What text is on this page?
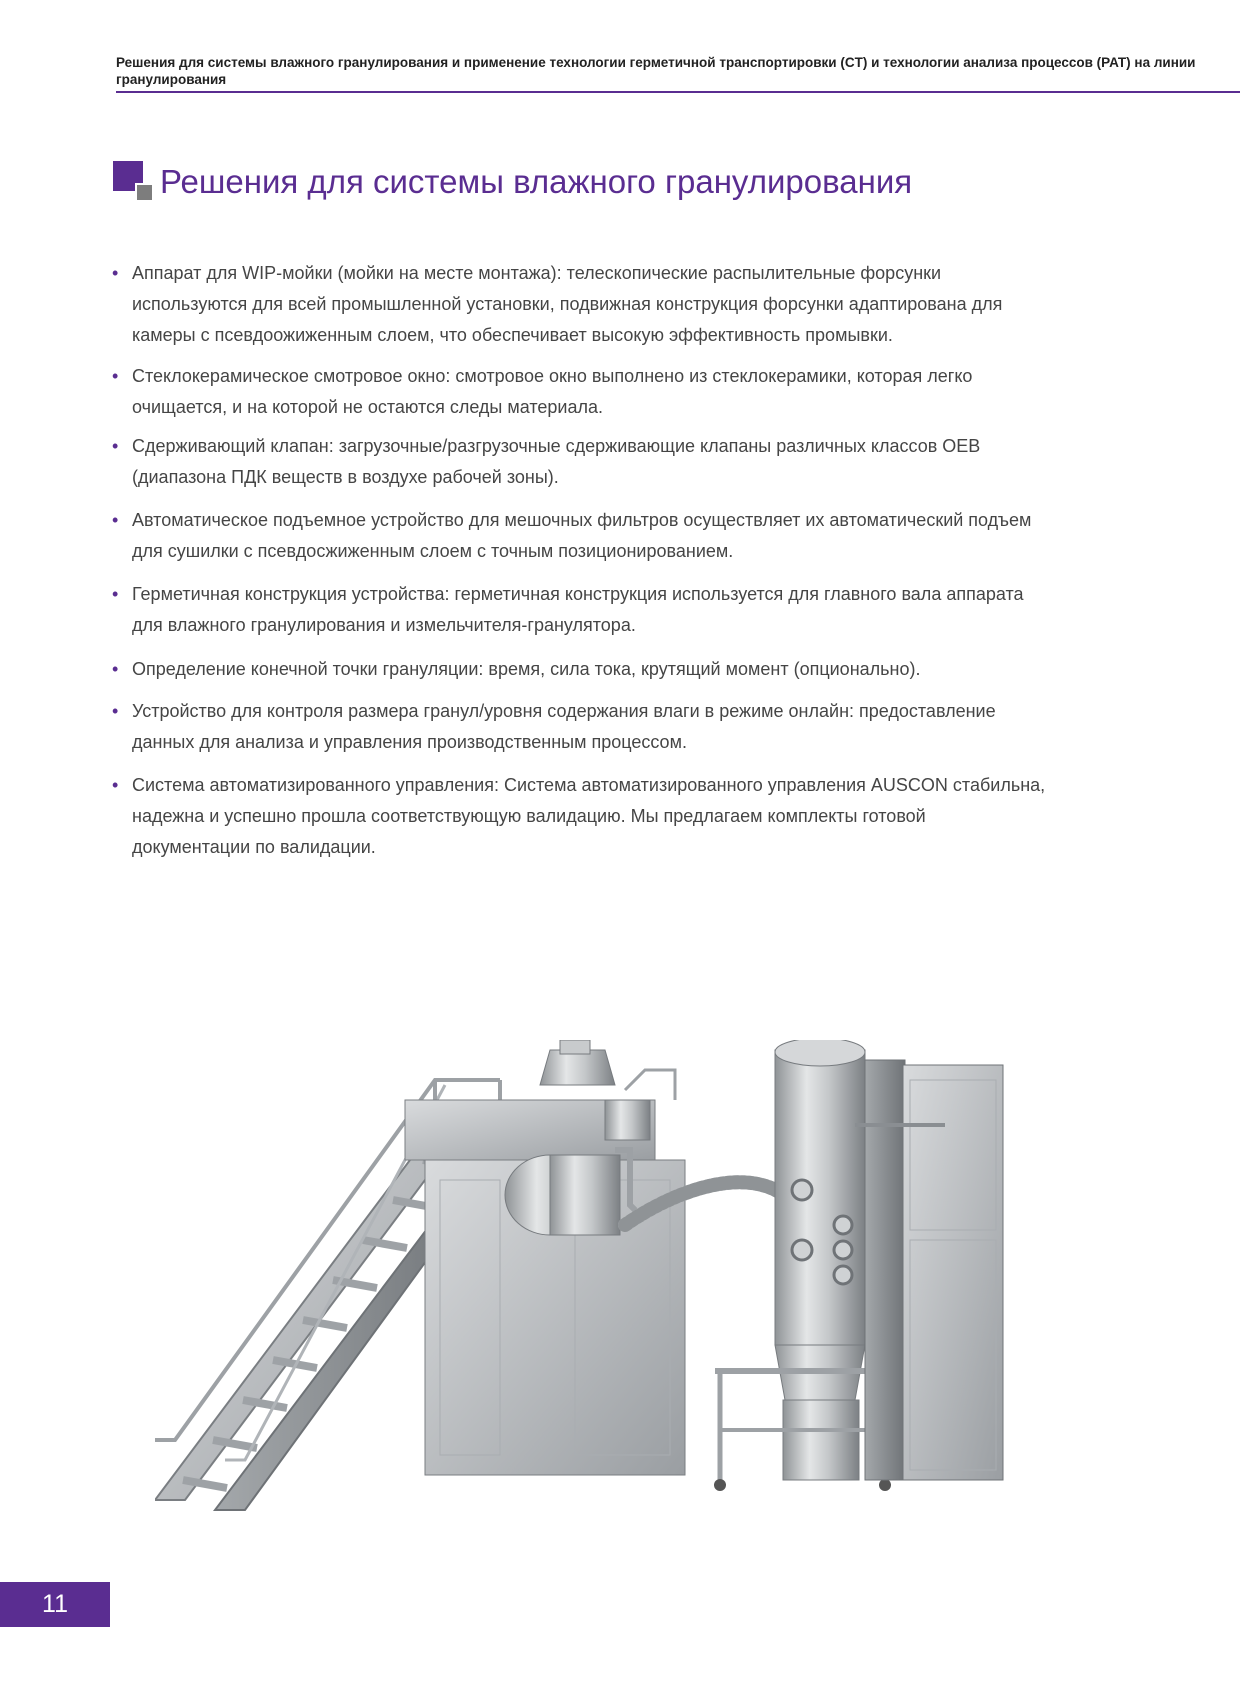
Решения для системы влажного гранулирования и применение технологии герметичной транспортировки (CT) и технологии анализа процессов (PAT) на линии
гранулирования
Решения для системы влажного гранулирования
• Аппарат для WIP-мойки (мойки на месте монтажа): телескопические распылительные форсунки
используются для всей промышленной установки, подвижная конструкция форсунки адаптирована для
камеры с псевдоожиженным слоем, что обеспечивает высокую эффективность промывки.
• Стеклокерамическое смотровое окно: смотровое окно выполнено из стеклокерамики, которая легко
очищается, и на которой не остаются следы материала.
• Сдерживающий клапан: загрузочные/разгрузочные сдерживающие клапаны различных классов OEB
(диапазона ПДК веществ в воздухе рабочей зоны).
• Автоматическое подъемное устройство для мешочных фильтров осуществляет их автоматический подъем
для сушилки с псевдосжиженным слоем с точным позиционированием.
• Герметичная конструкция устройства: герметичная конструкция используется для главного вала аппарата
для влажного гранулирования и измельчителя-гранулятора.
• Определение конечной точки грануляции: время, сила тока, крутящий момент (опционально).
• Устройство для контроля размера гранул/уровня содержания влаги в режиме онлайн: предоставление
данных для анализа и управления производственным процессом.
• Система автоматизированного управления: Система автоматизированного управления AUSCON стабильна,
надежна и успешно прошла соответствующую валидацию. Мы предлагаем комплекты готовой
документации по валидации.
11
